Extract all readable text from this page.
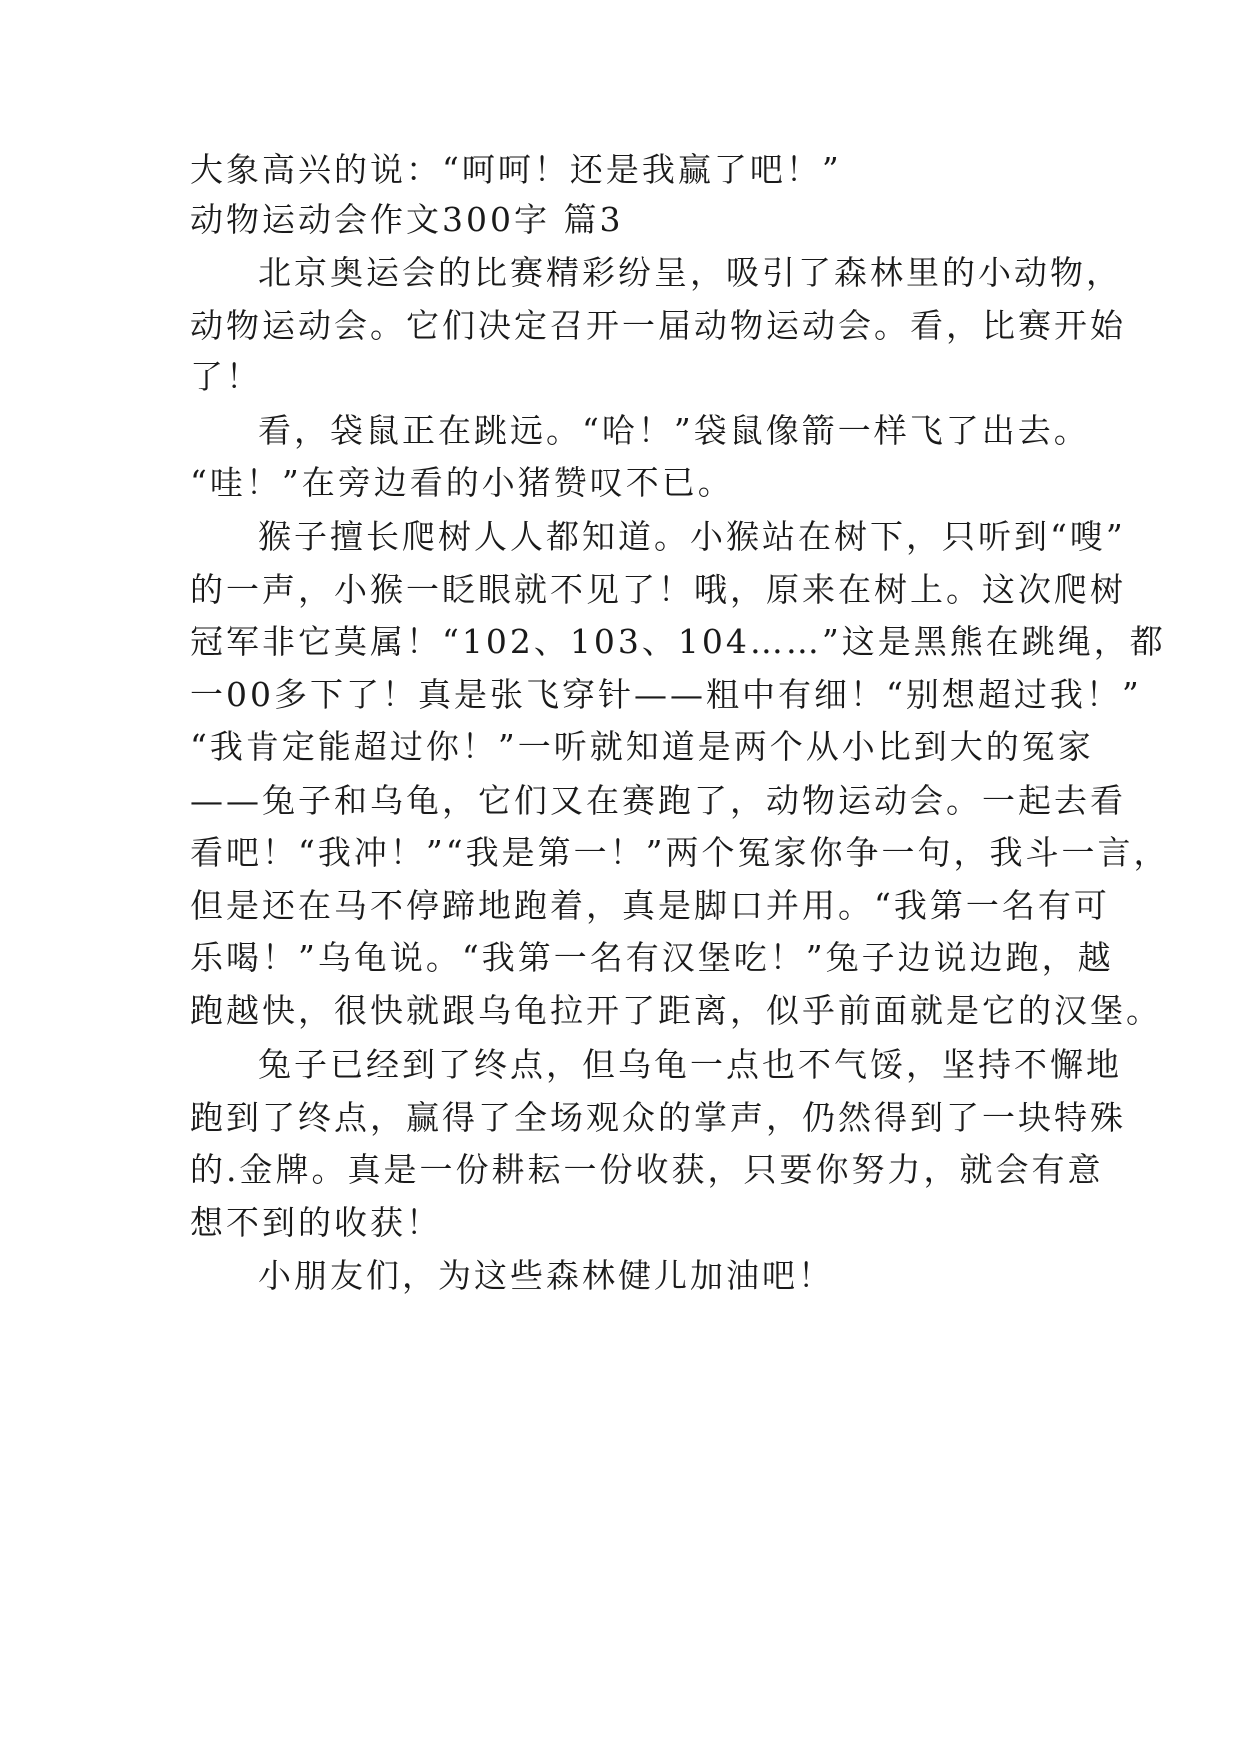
大象高兴的说：“呵呵！还是我赢了吧！”
动物运动会作文300字 篇3
北京奥运会的比赛精彩纷呈，吸引了森林里的小动物，
动物运动会。它们决定召开一届动物运动会。看，比赛开始
了！
看，袋鼠正在跳远。“哈！”袋鼠像箭一样飞了出去。
“哇！”在旁边看的小猪赞叹不已。
猴子擅长爬树人人都知道。小猴站在树下，只听到“嗖”
的一声，小猴一眨眼就不见了！哦，原来在树上。这次爬树
冠军非它莫属！“102、103、104……”这是黑熊在跳绳，都
一00多下了！真是张飞穿针——粗中有细！“别想超过我！”
“我肯定能超过你！”一听就知道是两个从小比到大的冤家
——兔子和乌龟，它们又在赛跑了，动物运动会。一起去看
看吧！“我冲！”“我是第一！”两个冤家你争一句，我斗一言，
但是还在马不停蹄地跑着，真是脚口并用。“我第一名有可
乐喝！”乌龟说。“我第一名有汉堡吃！”兔子边说边跑，越
跑越快，很快就跟乌龟拉开了距离，似乎前面就是它的汉堡。
兔子已经到了终点，但乌龟一点也不气馁，坚持不懈地
跑到了终点，赢得了全场观众的掌声，仍然得到了一块特殊
的.金牌。真是一份耕耘一份收获，只要你努力，就会有意
想不到的收获！
小朋友们，为这些森林健儿加油吧！
